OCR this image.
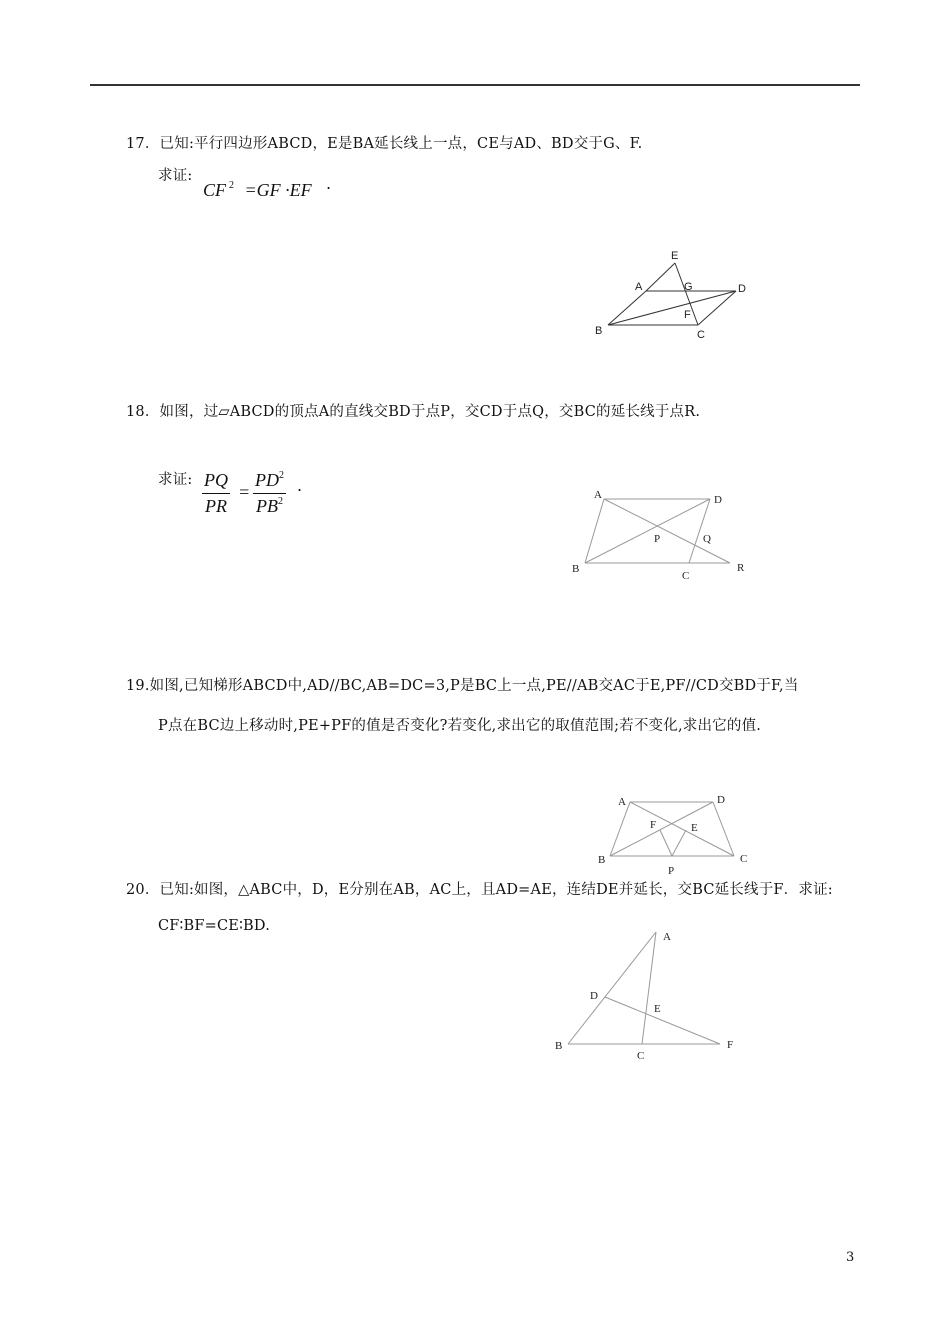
17．已知:平行四边形ABCD，E是BA延长线上一点，CE与AD、BD交于G、F.
求证:
CF $^2$ =GF ·EF .
E
A	G	D
F
B	C
18．如图，过▱ABCD的顶点A的直线交BD于点P，交CD于点Q，交BC的延长线于点R.
求证: $\frac{PQ}{PR} = \frac{PD^2}{PB^2}$ .	A	D
P	Q
B
C
R
19.如图,已知梯形ABCD中,AD//BC,AB=DC=3,P是BC上一点,PE//AB交AC于E,PF//CD交BD于F,当
P点在BC边上移动时,PE+PF的值是否变化?若变化,求出它的取值范围;若不变化,求出它的值.
A	D
F	E
B	C
P
20．已知:如图，△ABC中，D，E分别在AB，AC上，且AD=AE，连结DE并延长，交BC延长线于F．求证:
CF∶BF=CE∶BD.
A
D
E
B
C
F
3
